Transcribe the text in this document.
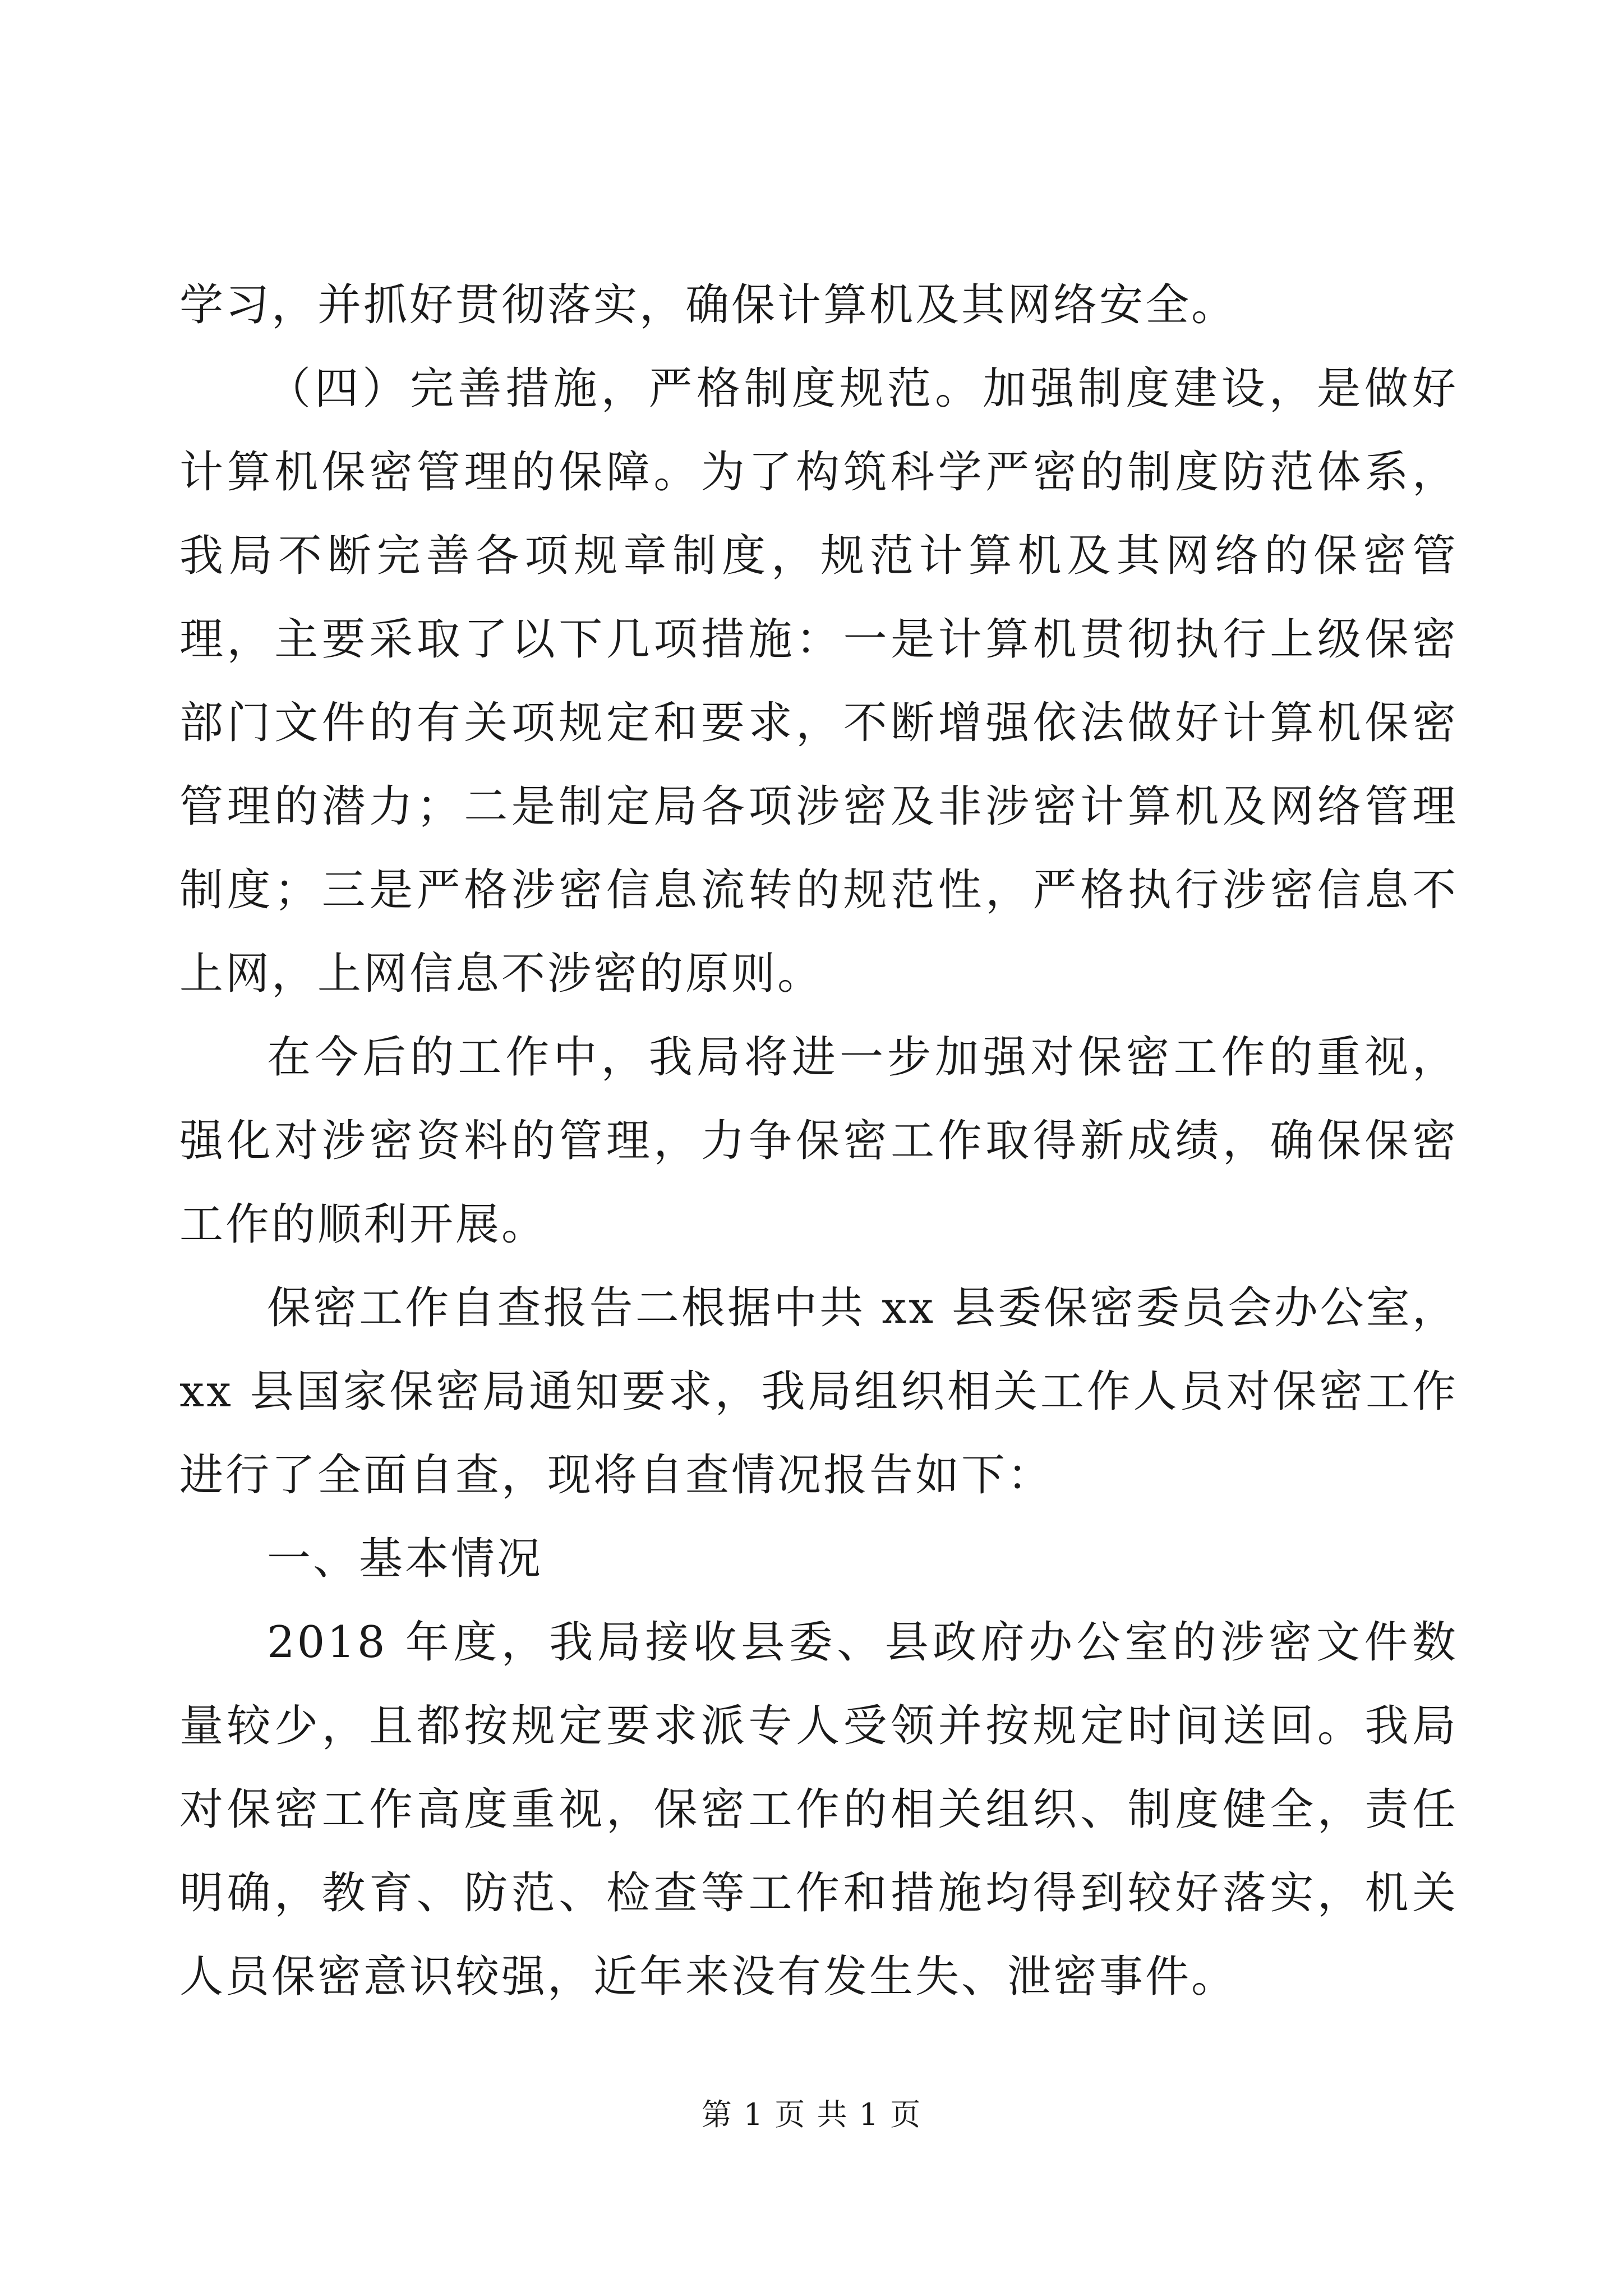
学习，并抓好贯彻落实，确保计算机及其网络安全。

（四）完善措施，严格制度规范。加强制度建设，是做好计算机保密管理的保障。为了构筑科学严密的制度防范体系，我局不断完善各项规章制度，规范计算机及其网络的保密管理，主要采取了以下几项措施：一是计算机贯彻执行上级保密部门文件的有关项规定和要求，不断增强依法做好计算机保密管理的潜力；二是制定局各项涉密及非涉密计算机及网络管理制度；三是严格涉密信息流转的规范性，严格执行涉密信息不上网，上网信息不涉密的原则。

在今后的工作中，我局将进一步加强对保密工作的重视，强化对涉密资料的管理，力争保密工作取得新成绩，确保保密工作的顺利开展。

保密工作自查报告二根据中共 xx 县委保密委员会办公室，xx 县国家保密局通知要求，我局组织相关工作人员对保密工作进行了全面自查，现将自查情况报告如下：

一、基本情况

2018 年度，我局接收县委、县政府办公室的涉密文件数量较少，且都按规定要求派专人受领并按规定时间送回。我局对保密工作高度重视，保密工作的相关组织、制度健全，责任明确，教育、防范、检查等工作和措施均得到较好落实，机关人员保密意识较强，近年来没有发生失、泄密事件。

第 1 页 共 1 页
